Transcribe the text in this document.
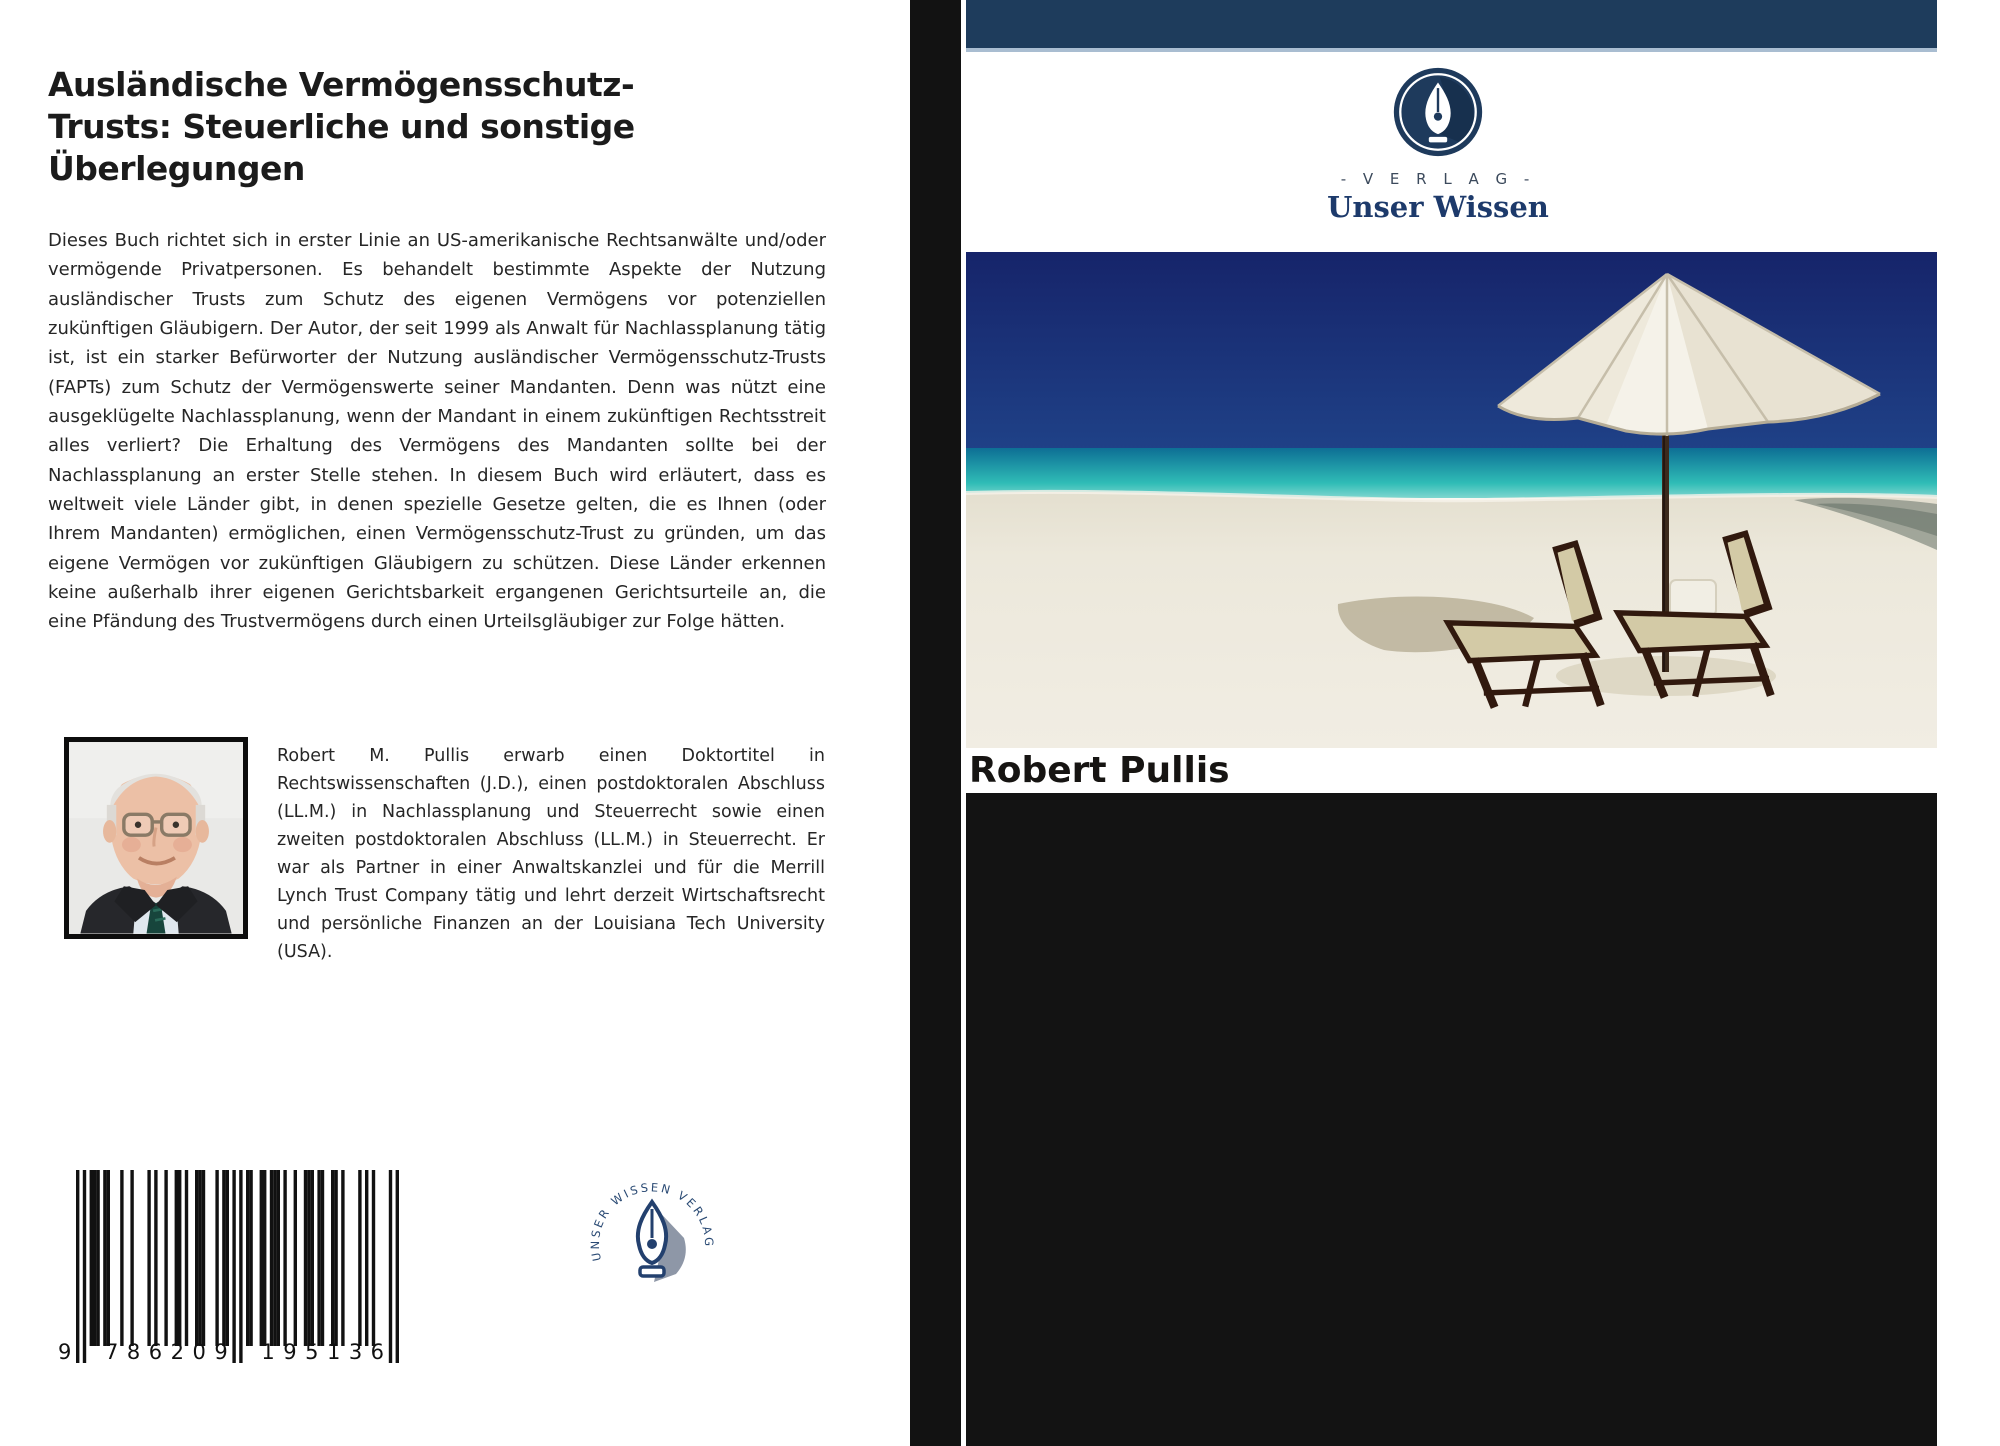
Ausländische Vermögensschutz-Trusts: Steuerliche und sonstige Überlegungen
Dieses Buch richtet sich in erster Linie an US-amerikanische Rechtsanwälte und/oder vermögende Privatpersonen. Es behandelt bestimmte Aspekte der Nutzung ausländischer Trusts zum Schutz des eigenen Vermögens vor potenziellen zukünftigen Gläubigern. Der Autor, der seit 1999 als Anwalt für Nachlassplanung tätig ist, ist ein starker Befürworter der Nutzung ausländischer Vermögensschutz-Trusts (FAPTs) zum Schutz der Vermögenswerte seiner Mandanten. Denn was nützt eine ausgeklügelte Nachlassplanung, wenn der Mandant in einem zukünftigen Rechtsstreit alles verliert? Die Erhaltung des Vermögens des Mandanten sollte bei der Nachlassplanung an erster Stelle stehen. In diesem Buch wird erläutert, dass es weltweit viele Länder gibt, in denen spezielle Gesetze gelten, die es Ihnen (oder Ihrem Mandanten) ermöglichen, einen Vermögensschutz-Trust zu gründen, um das eigene Vermögen vor zukünftigen Gläubigern zu schützen. Diese Länder erkennen keine außerhalb ihrer eigenen Gerichtsbarkeit ergangenen Gerichtsurteile an, die eine Pfändung des Trustvermögens durch einen Urteilsgläubiger zur Folge hätten.
Robert M. Pullis erwarb einen Doktortitel in Rechtswissenschaften (J.D.), einen postdoktoralen Abschluss (LL.M.) in Nachlassplanung und Steuerrecht sowie einen zweiten postdoktoralen Abschluss (LL.M.) in Steuerrecht. Er war als Partner in einer Anwaltskanzlei und für die Merrill Lynch Trust Company tätig und lehrt derzeit Wirtschaftsrecht und persönliche Finanzen an der Louisiana Tech University (USA).
9 786209 195136
UNSER WISSEN VERLAG
- V E R L A G -
Unser Wissen
Robert Pullis
